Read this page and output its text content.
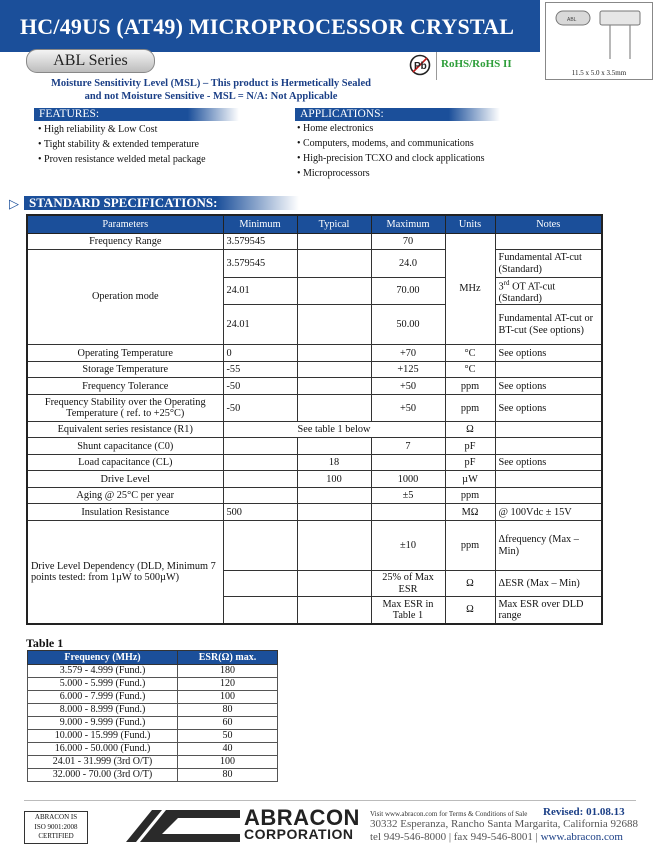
HC/49US (AT49) MICROPROCESSOR CRYSTAL
ABL Series	Pb RoHS/RoHS II
ABL
11.5 x 5.0 x 3.5mm
Moisture Sensitivity Level (MSL) – This product is Hermetically Sealed
and not Moisture Sensitive - MSL = N/A: Not Applicable
FEATURES:
• High reliability & Low Cost
• Tight stability & extended temperature
• Proven resistance welded metal package
APPLICATIONS:
• Home electronics
• Computers, modems, and communications
• High-precision TCXO and clock applications
• Microprocessors
▷ STANDARD SPECIFICATIONS:
Parameters	Minimum	Typical	Maximum	Units	Notes
Frequency Range	3.579545		70	MHz	
Operation mode	3.579545		24.0		Fundamental AT-cut (Standard)
	24.01		70.00		3rd OT AT-cut (Standard)
	24.01		50.00		Fundamental AT-cut or BT-cut (See options)
Operating Temperature	0		+70	°C	See options
Storage Temperature	-55		+125	°C	
Frequency Tolerance	-50		+50	ppm	See options
Frequency Stability over the Operating Temperature ( ref. to +25°C)	-50		+50	ppm	See options
Equivalent series resistance (R1)	See table 1 below			Ω	
Shunt capacitance (C0)			7	pF	
Load capacitance (CL)		18		pF	See options
Drive Level		100	1000	µW	
Aging @ 25°C per year			±5	ppm	
Insulation Resistance	500			MΩ	@ 100Vdc ± 15V
Drive Level Dependency (DLD, Minimum 7 points tested: from 1µW to 500µW)			±10	ppm	Δfrequency (Max – Min)
			25% of Max ESR	Ω	ΔESR (Max – Min)
			Max ESR in Table 1	Ω	Max ESR over DLD range
Table 1
Frequency (MHz)	ESR(Ω) max.
3.579 - 4.999 (Fund.)	180
5.000 - 5.999 (Fund.)	120
6.000 - 7.999 (Fund.)	100
8.000 - 8.999 (Fund.)	80
9.000 - 9.999 (Fund.)	60
10.000 - 15.999 (Fund.)	50
16.000 - 50.000 (Fund.)	40
24.01 - 31.999 (3rd O/T)	100
32.000 - 70.00 (3rd O/T)	80
ABRACON IS
ISO 9001:2008
CERTIFIED
ABRACON
CORPORATION
Visit www.abracon.com for Terms & Conditions of Sale Revised: 01.08.13
30332 Esperanza, Rancho Santa Margarita, California 92688
tel 949-546-8000 | fax 949-546-8001 | www.abracon.com
